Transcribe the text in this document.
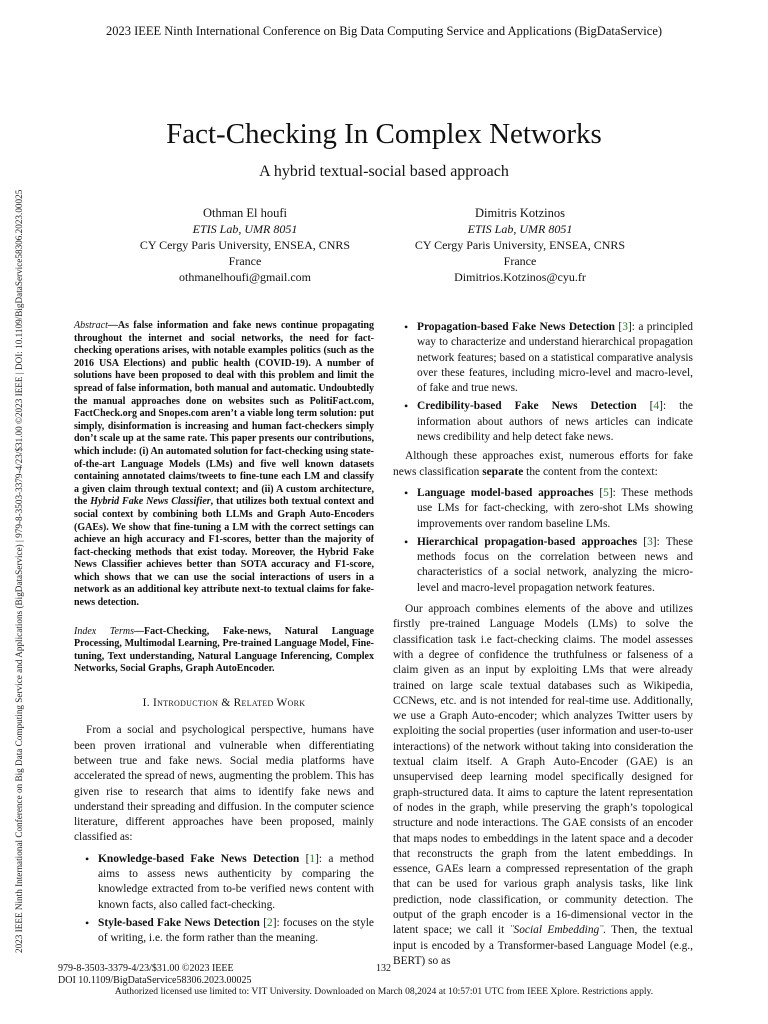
2023 IEEE Ninth International Conference on Big Data Computing Service and Applications (BigDataService)
2023 IEEE Ninth International Conference on Big Data Computing Service and Applications (BigDataService) | 979-8-3503-3379-4/23/$31.00 ©2023 IEEE | DOI: 10.1109/BigDataService58306.2023.00025
Fact-Checking In Complex Networks
A hybrid textual-social based approach
Othman El houfi
ETIS Lab, UMR 8051
CY Cergy Paris University, ENSEA, CNRS
France
othmanelhoufi@gmail.com
Dimitris Kotzinos
ETIS Lab, UMR 8051
CY Cergy Paris University, ENSEA, CNRS
France
Dimitrios.Kotzinos@cyu.fr

Abstract—As false information and fake news continue propagating throughout the internet and social networks, the need for fact-checking operations arises, with notable examples politics (such as the 2016 USA Elections) and public health (COVID-19). A number of solutions have been proposed to deal with this problem and limit the spread of false information, both manual and automatic. Undoubtedly the manual approaches done on websites such as PolitiFact.com, FactCheck.org and Snopes.com aren’t a viable long term solution: put simply, disinformation is increasing and human fact-checkers simply don’t scale up at the same rate. This paper presents our contributions, which include: (i) An automated solution for fact-checking using state-of-the-art Language Models (LMs) and five well known datasets containing annotated claims/tweets to fine-tune each LM and classify a given claim through textual context; and (ii) A custom architecture, the Hybrid Fake News Classifier, that utilizes both textual context and social context by combining both LLMs and Graph Auto-Encoders (GAEs). We show that fine-tuning a LM with the correct settings can achieve an high accuracy and F1-scores, better than the majority of fact-checking methods that exist today. Moreover, the Hybrid Fake News Classifier achieves better than SOTA accuracy and F1-score, which shows that we can use the social interactions of users in a network as an additional key attribute next-to textual claims for fake-news detection.

Index Terms—Fact-Checking, Fake-news, Natural Language Processing, Multimodal Learning, Pre-trained Language Model, Fine-tuning, Text understanding, Natural Language Inferencing, Complex Networks, Social Graphs, Graph AutoEncoder.

I. Introduction & Related Work

From a social and psychological perspective, humans have been proven irrational and vulnerable when differentiating between true and fake news. Social media platforms have accelerated the spread of news, augmenting the problem. This has given rise to research that aims to identify fake news and understand their spreading and diffusion. In the computer science literature, different approaches have been proposed, mainly classified as:

• Knowledge-based Fake News Detection [1]: a method aims to assess news authenticity by comparing the knowledge extracted from to-be verified news content with known facts, also called fact-checking.
• Style-based Fake News Detection [2]: focuses on the style of writing, i.e. the form rather than the meaning.
• Propagation-based Fake News Detection [3]: a principled way to characterize and understand hierarchical propagation network features; based on a statistical comparative analysis over these features, including micro-level and macro-level, of fake and true news.
• Credibility-based Fake News Detection [4]: the information about authors of news articles can indicate news credibility and help detect fake news.

Although these approaches exist, numerous efforts for fake news classification separate the content from the context:

• Language model-based approaches [5]: These methods use LMs for fact-checking, with zero-shot LMs showing improvements over random baseline LMs.
• Hierarchical propagation-based approaches [3]: These methods focus on the correlation between news and characteristics of a social network, analyzing the micro-level and macro-level propagation network features.

Our approach combines elements of the above and utilizes firstly pre-trained Language Models (LMs) to solve the classification task i.e fact-checking claims. The model assesses with a degree of confidence the truthfulness or falseness of a claim given as an input by exploiting LMs that were already trained on large scale textual databases such as Wikipedia, CCNews, etc. and is not intended for real-time use. Additionally, we use a Graph Auto-encoder; which analyzes Twitter users by exploiting the social properties (user information and user-to-user interactions) of the network without taking into consideration the textual claim itself. A Graph Auto-Encoder (GAE) is an unsupervised deep learning model specifically designed for graph-structured data. It aims to capture the latent representation of nodes in the graph, while preserving the graph’s topological structure and node interactions. The GAE consists of an encoder that maps nodes to embeddings in the latent space and a decoder that reconstructs the graph from the latent embeddings. In essence, GAEs learn a compressed representation of the graph that can be used for various graph analysis tasks, like link prediction, node classification, or community detection. The output of the graph encoder is a 16-dimensional vector in the latent space; we call it ¨Social Embedding¨. Then, the textual input is encoded by a Transformer-based Language Model (e.g., BERT) so as

979-8-3503-3379-4/23/$31.00 ©2023 IEEE
DOI 10.1109/BigDataService58306.2023.00025
132
Authorized licensed use limited to: VIT University. Downloaded on March 08,2024 at 10:57:01 UTC from IEEE Xplore. Restrictions apply.
